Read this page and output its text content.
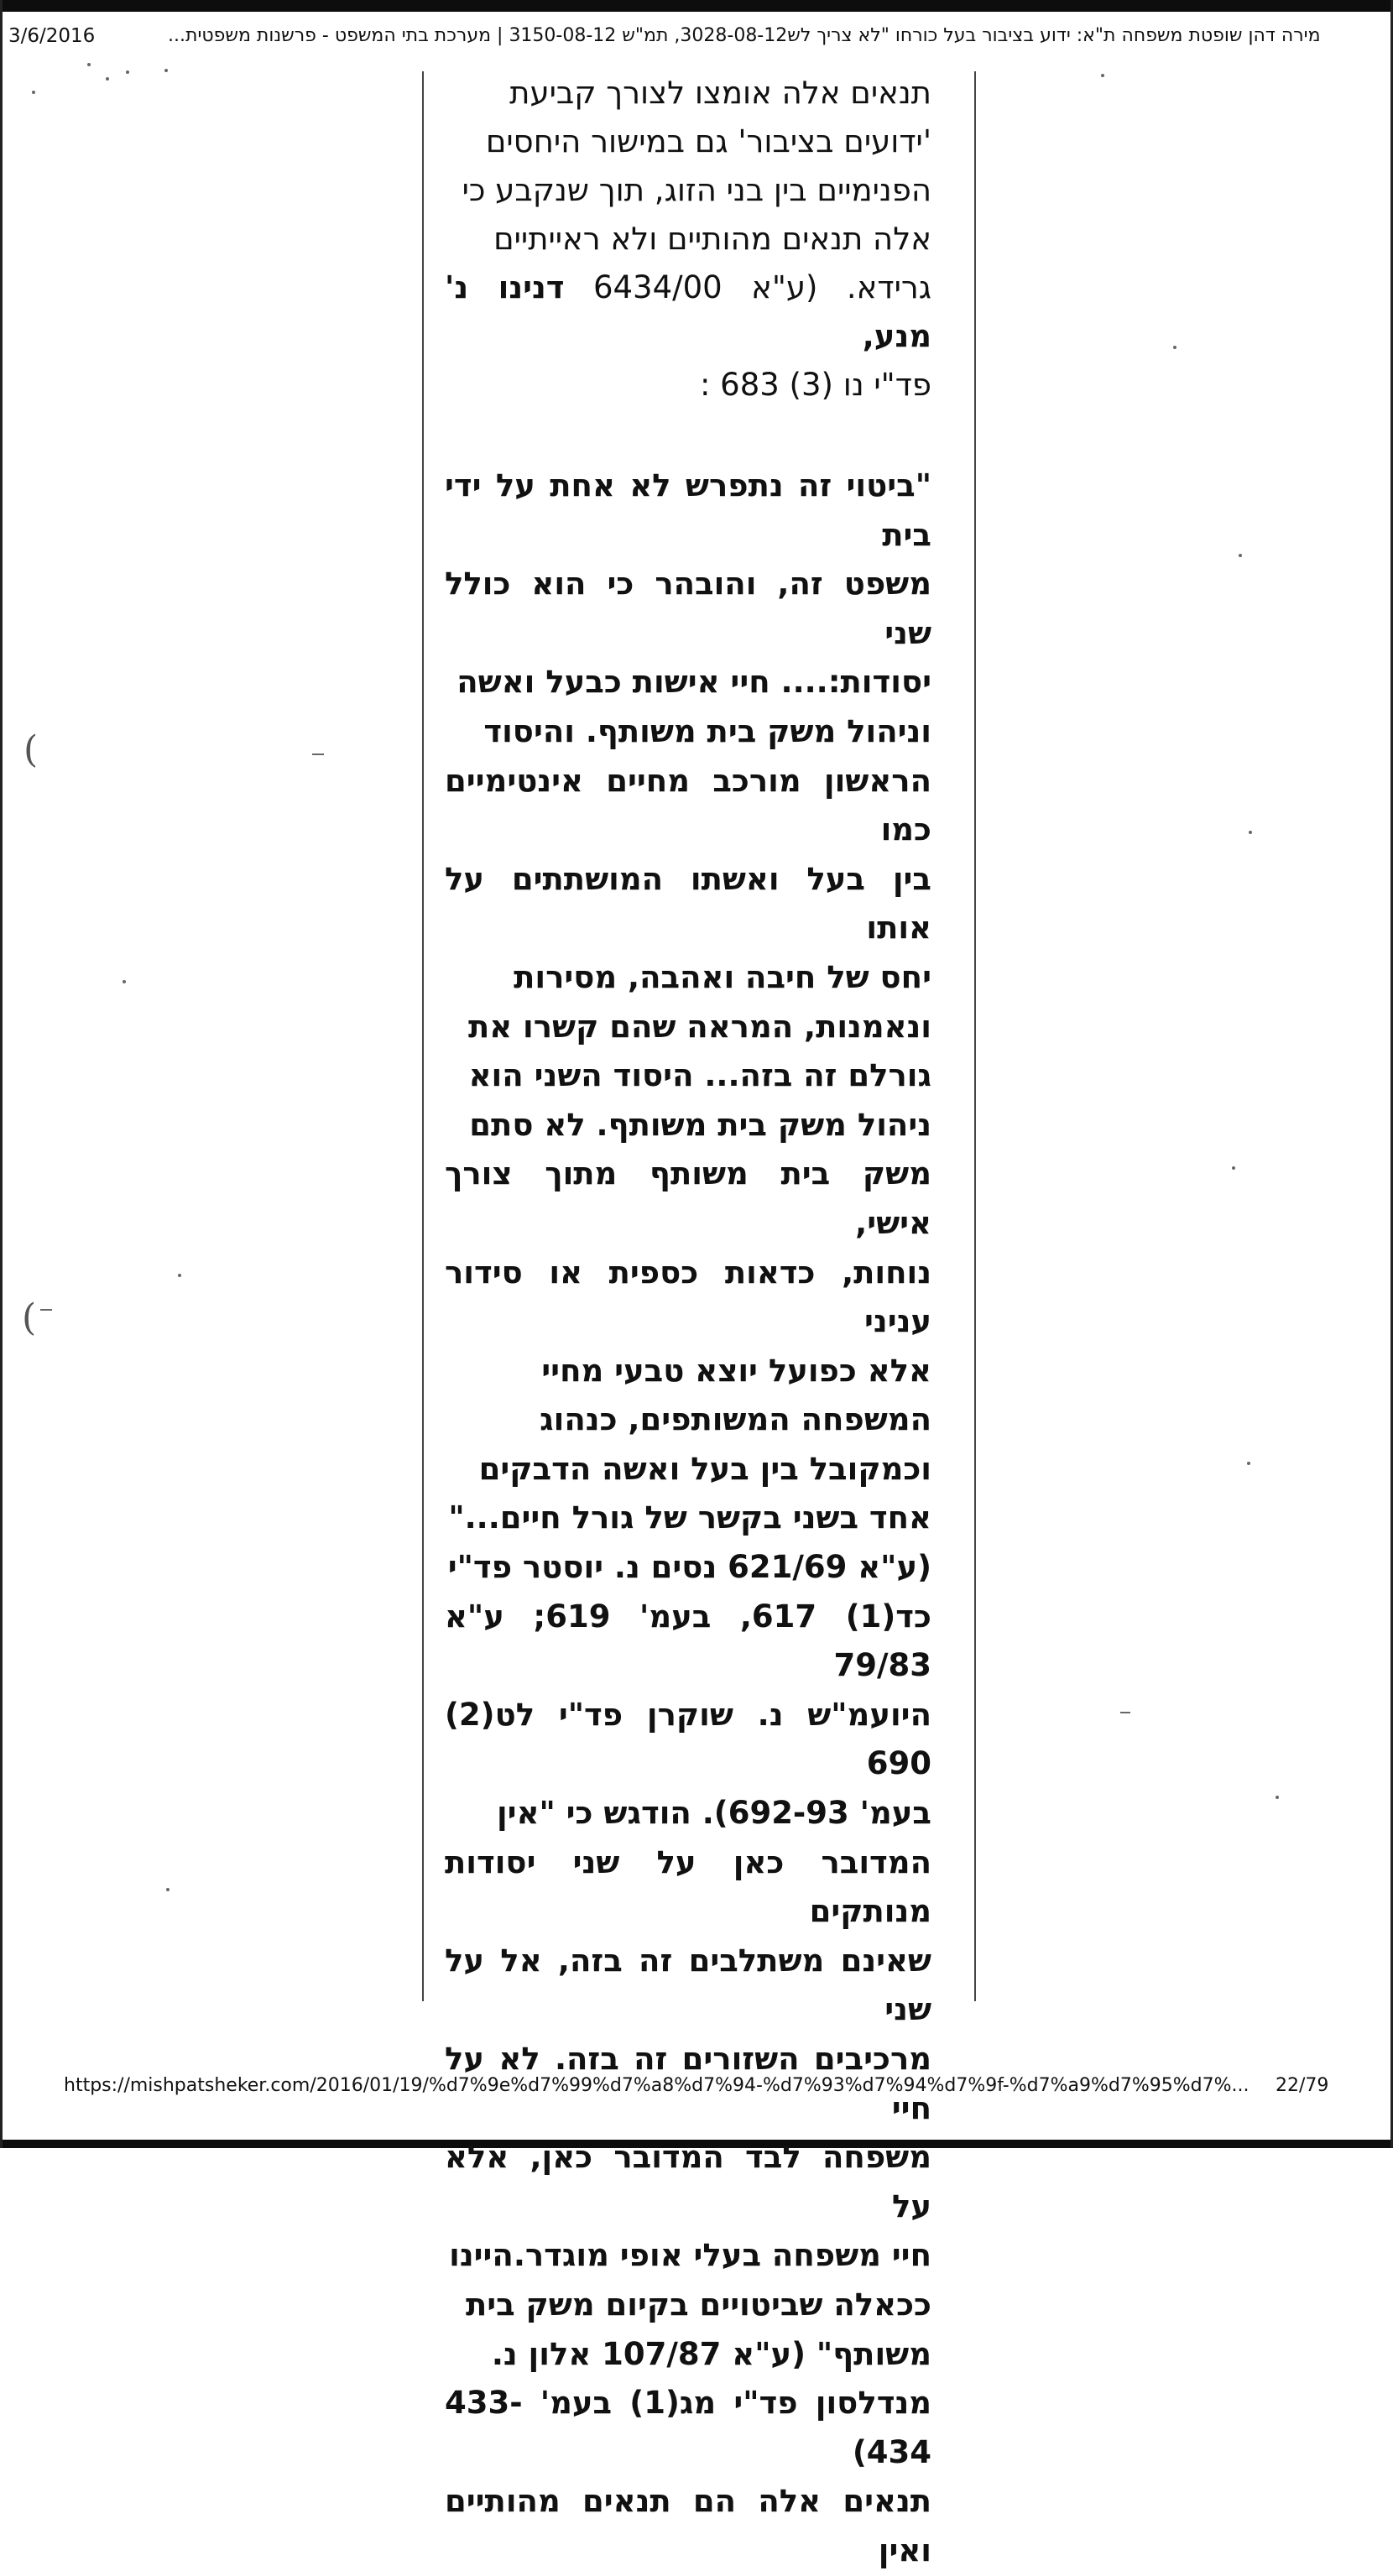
3/6/2016	מירה דהן שופטת משפחה ת"א: ידוע בציבור בעל כורחו "לא צריך לש3028-08-12, תמ"ש 3150-08-12 | מערכת בתי המשפט - פרשנות משפטית...

תנאים אלה אומצו לצורך קביעת
'ידועים בציבור' גם במישור היחסים
הפנימיים בין בני הזוג, תוך שנקבע כי
אלה תנאים מהותיים ולא ראייתיים
גרידא. (ע"א 6434/00 דנינו נ' מנע,
פד"י נו (3) 683 :

"ביטוי זה נתפרש לא אחת על ידי בית
משפט זה, והובהר כי הוא כולל שני
יסודות:.... חיי אישות כבעל ואשה
וניהול משק בית משותף. והיסוד
הראשון מורכב מחיים אינטימיים כמו
בין בעל ואשתו המושתתים על אותו
יחס של חיבה ואהבה, מסירות
ונאמנות, המראה שהם קשרו את
גורלם זה בזה... היסוד השני הוא
ניהול משק בית משותף. לא סתם
משק בית משותף מתוך צורך אישי,
נוחות, כדאות כספית או סידור עניני
אלא כפועל יוצא טבעי מחיי
המשפחה המשותפים, כנהוג
וכמקובל בין בעל ואשה הדבקים
אחד בשני בקשר של גורל חיים..."
(ע"א 621/69 נסים נ. יוסטר פד"י
כד(1) 617, בעמ' 619; ע"א 79/83
היועמ"ש נ. שוקרן פד"י לט(2) 690
בעמ' 692-93). הודגש כי "אין
המדובר כאן על שני יסודות מנותקים
שאינם משתלבים זה בזה, אל על שני
מרכיבים השזורים זה בזה. לא על חיי
משפחה לבד המדובר כאן, אלא על
חיי משפחה בעלי אופי מוגדר.היינו
ככאלה שביטויים בקיום משק בית
משותף" (ע"א 107/87 אלון נ.
מנדלסון פד"י מג(1) בעמ' 433-434)
תנאים אלה הם תנאים מהותיים ואין

(
(
https://mishpatsheker.com/2016/01/19/%d7%9e%d7%99%d7%a8%d7%94-%d7%93%d7%94%d7%9f-%d7%a9%d7%95%d7%... 22/79
